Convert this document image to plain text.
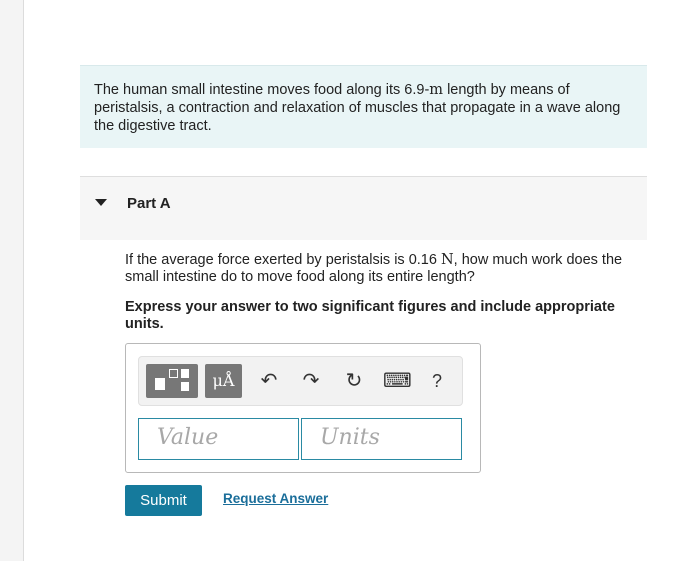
The human small intestine moves food along its 6.9-m length by means of peristalsis, a contraction and relaxation of muscles that propagate in a wave along the digestive tract.
Part A
If the average force exerted by peristalsis is 0.16 N, how much work does the small intestine do to move food along its entire length?
Express your answer to two significant figures and include appropriate units.
μÅ	↶ ↷ ↻ ⌨	?
Value	Units
Submit	Request Answer
